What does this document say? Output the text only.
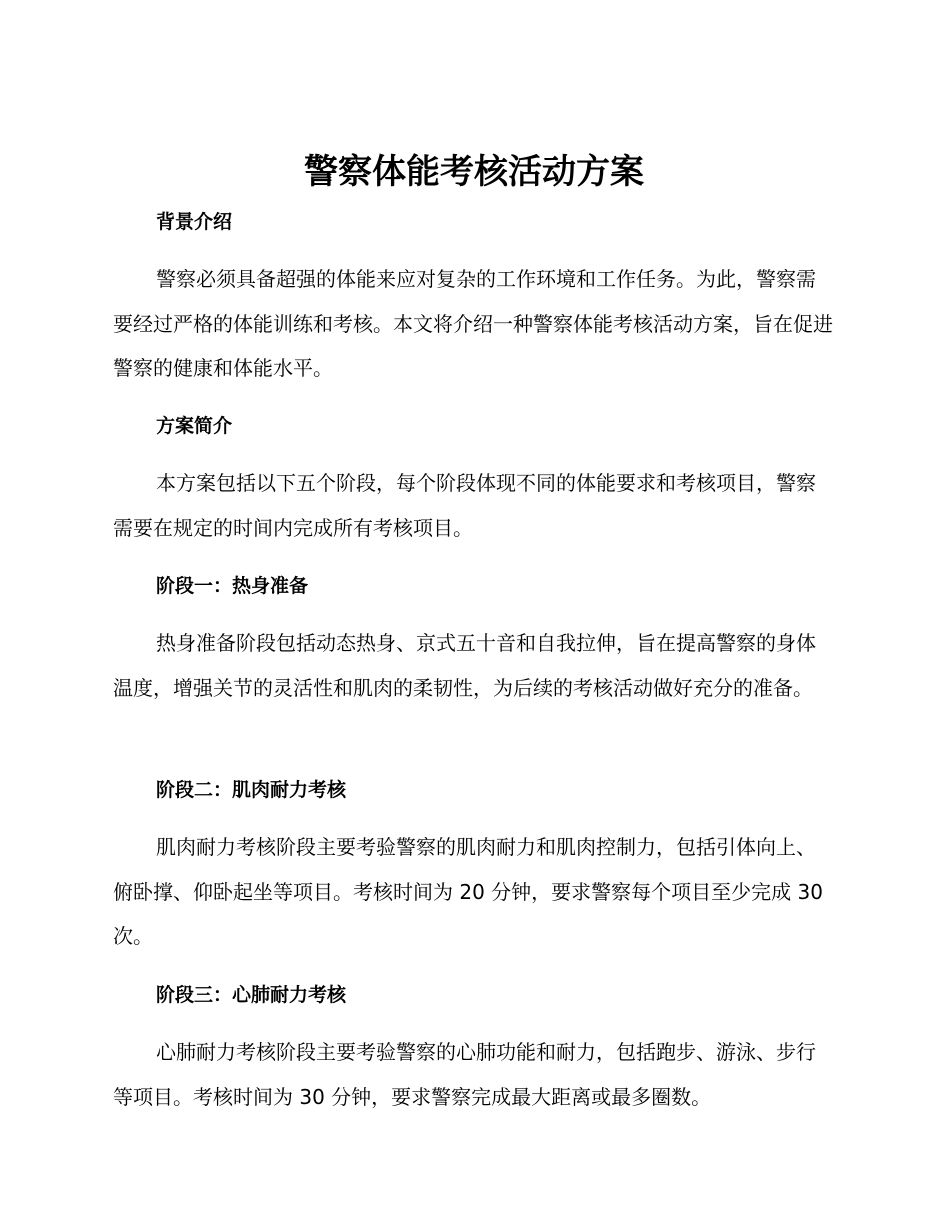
警察体能考核活动方案
背景介绍

警察必须具备超强的体能来应对复杂的工作环境和工作任务。为此，警察需要经过严格的体能训练和考核。本文将介绍一种警察体能考核活动方案，旨在促进警察的健康和体能水平。

方案简介

本方案包括以下五个阶段，每个阶段体现不同的体能要求和考核项目，警察需要在规定的时间内完成所有考核项目。

阶段一：热身准备

热身准备阶段包括动态热身、京式五十音和自我拉伸，旨在提高警察的身体温度，增强关节的灵活性和肌肉的柔韧性，为后续的考核活动做好充分的准备。

阶段二：肌肉耐力考核

肌肉耐力考核阶段主要考验警察的肌肉耐力和肌肉控制力，包括引体向上、俯卧撑、仰卧起坐等项目。考核时间为 20 分钟，要求警察每个项目至少完成 30 次。

阶段三：心肺耐力考核

心肺耐力考核阶段主要考验警察的心肺功能和耐力，包括跑步、游泳、步行等项目。考核时间为 30 分钟，要求警察完成最大距离或最多圈数。
